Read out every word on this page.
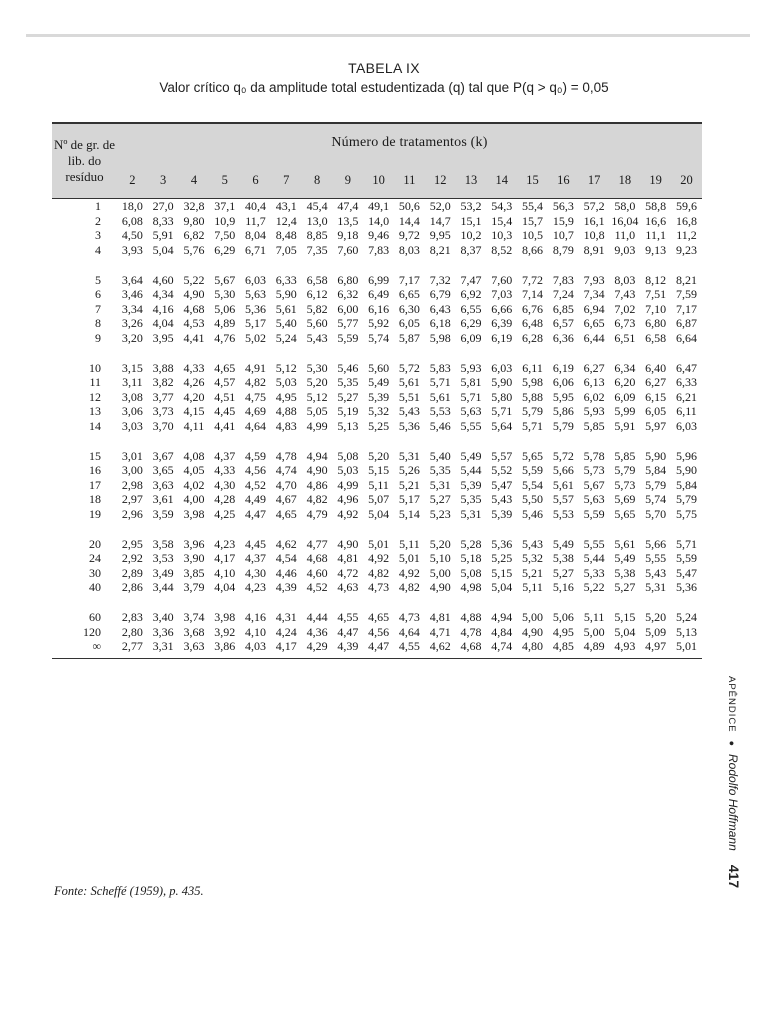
TABELA IX
Valor crítico q₀ da amplitude total estudentizada (q) tal que P(q > q₀) = 0,05
Nº de gr. de lib. do resíduo	Número de tratamentos (k)																		
	2	3	4	5	6	7	8	9	10	11	12	13	14	15	16	17	18	19	20
1	18,0	27,0	32,8	37,1	40,4	43,1	45,4	47,4	49,1	50,6	52,0	53,2	54,3	55,4	56,3	57,2	58,0	58,8	59,6
2	6,08	8,33	9,80	10,9	11,7	12,4	13,0	13,5	14,0	14,4	14,7	15,1	15,4	15,7	15,9	16,1	16,04	16,6	16,8
3	4,50	5,91	6,82	7,50	8,04	8,48	8,85	9,18	9,46	9,72	9,95	10,2	10,3	10,5	10,7	10,8	11,0	11,1	11,2
4	3,93	5,04	5,76	6,29	6,71	7,05	7,35	7,60	7,83	8,03	8,21	8,37	8,52	8,66	8,79	8,91	9,03	9,13	9,23

5	3,64	4,60	5,22	5,67	6,03	6,33	6,58	6,80	6,99	7,17	7,32	7,47	7,60	7,72	7,83	7,93	8,03	8,12	8,21
6	3,46	4,34	4,90	5,30	5,63	5,90	6,12	6,32	6,49	6,65	6,79	6,92	7,03	7,14	7,24	7,34	7,43	7,51	7,59
7	3,34	4,16	4,68	5,06	5,36	5,61	5,82	6,00	6,16	6,30	6,43	6,55	6,66	6,76	6,85	6,94	7,02	7,10	7,17
8	3,26	4,04	4,53	4,89	5,17	5,40	5,60	5,77	5,92	6,05	6,18	6,29	6,39	6,48	6,57	6,65	6,73	6,80	6,87
9	3,20	3,95	4,41	4,76	5,02	5,24	5,43	5,59	5,74	5,87	5,98	6,09	6,19	6,28	6,36	6,44	6,51	6,58	6,64

10	3,15	3,88	4,33	4,65	4,91	5,12	5,30	5,46	5,60	5,72	5,83	5,93	6,03	6,11	6,19	6,27	6,34	6,40	6,47
11	3,11	3,82	4,26	4,57	4,82	5,03	5,20	5,35	5,49	5,61	5,71	5,81	5,90	5,98	6,06	6,13	6,20	6,27	6,33
12	3,08	3,77	4,20	4,51	4,75	4,95	5,12	5,27	5,39	5,51	5,61	5,71	5,80	5,88	5,95	6,02	6,09	6,15	6,21
13	3,06	3,73	4,15	4,45	4,69	4,88	5,05	5,19	5,32	5,43	5,53	5,63	5,71	5,79	5,86	5,93	5,99	6,05	6,11
14	3,03	3,70	4,11	4,41	4,64	4,83	4,99	5,13	5,25	5,36	5,46	5,55	5,64	5,71	5,79	5,85	5,91	5,97	6,03

15	3,01	3,67	4,08	4,37	4,59	4,78	4,94	5,08	5,20	5,31	5,40	5,49	5,57	5,65	5,72	5,78	5,85	5,90	5,96
16	3,00	3,65	4,05	4,33	4,56	4,74	4,90	5,03	5,15	5,26	5,35	5,44	5,52	5,59	5,66	5,73	5,79	5,84	5,90
17	2,98	3,63	4,02	4,30	4,52	4,70	4,86	4,99	5,11	5,21	5,31	5,39	5,47	5,54	5,61	5,67	5,73	5,79	5,84
18	2,97	3,61	4,00	4,28	4,49	4,67	4,82	4,96	5,07	5,17	5,27	5,35	5,43	5,50	5,57	5,63	5,69	5,74	5,79
19	2,96	3,59	3,98	4,25	4,47	4,65	4,79	4,92	5,04	5,14	5,23	5,31	5,39	5,46	5,53	5,59	5,65	5,70	5,75

20	2,95	3,58	3,96	4,23	4,45	4,62	4,77	4,90	5,01	5,11	5,20	5,28	5,36	5,43	5,49	5,55	5,61	5,66	5,71
24	2,92	3,53	3,90	4,17	4,37	4,54	4,68	4,81	4,92	5,01	5,10	5,18	5,25	5,32	5,38	5,44	5,49	5,55	5,59
30	2,89	3,49	3,85	4,10	4,30	4,46	4,60	4,72	4,82	4,92	5,00	5,08	5,15	5,21	5,27	5,33	5,38	5,43	5,47
40	2,86	3,44	3,79	4,04	4,23	4,39	4,52	4,63	4,73	4,82	4,90	4,98	5,04	5,11	5,16	5,22	5,27	5,31	5,36

60	2,83	3,40	3,74	3,98	4,16	4,31	4,44	4,55	4,65	4,73	4,81	4,88	4,94	5,00	5,06	5,11	5,15	5,20	5,24
120	2,80	3,36	3,68	3,92	4,10	4,24	4,36	4,47	4,56	4,64	4,71	4,78	4,84	4,90	4,95	5,00	5,04	5,09	5,13
∞	2,77	3,31	3,63	3,86	4,03	4,17	4,29	4,39	4,47	4,55	4,62	4,68	4,74	4,80	4,85	4,89	4,93	4,97	5,01
Fonte: Scheffé (1959), p. 435.
APÊNDICE●Rodolfo Hoffmann417
